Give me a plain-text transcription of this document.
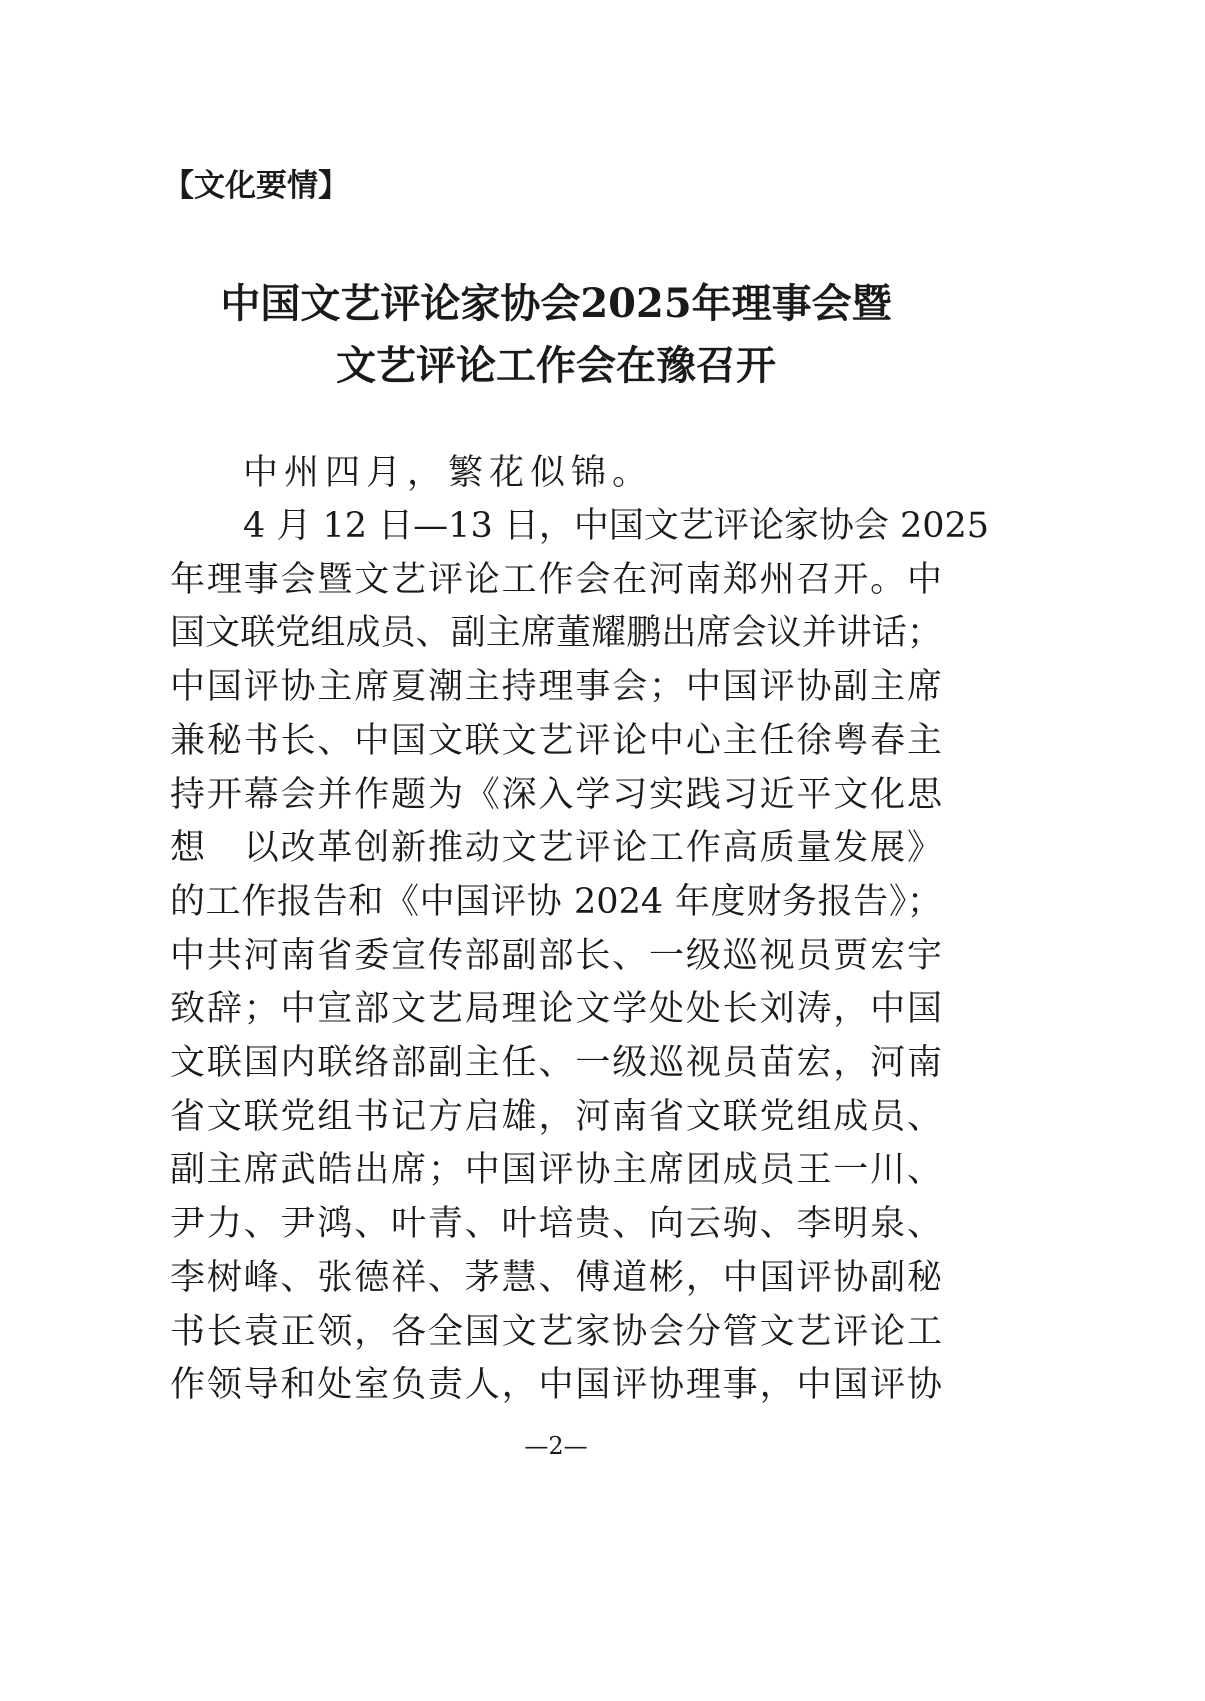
【文化要情】
中国文艺评论家协会2025年理事会暨
文艺评论工作会在豫召开
中州四月，繁花似锦。
4 月 12 日—13 日，中国文艺评论家协会 2025
年理事会暨文艺评论工作会在河南郑州召开。中
国文联党组成员、副主席董耀鹏出席会议并讲话；
中国评协主席夏潮主持理事会；中国评协副主席
兼秘书长、中国文联文艺评论中心主任徐粤春主
持开幕会并作题为《深入学习实践习近平文化思
想　以改革创新推动文艺评论工作高质量发展》
的工作报告和《中国评协 2024 年度财务报告》；
中共河南省委宣传部副部长、一级巡视员贾宏宇
致辞；中宣部文艺局理论文学处处长刘涛，中国
文联国内联络部副主任、一级巡视员苗宏，河南
省文联党组书记方启雄，河南省文联党组成员、
副主席武皓出席；中国评协主席团成员王一川、
尹力、尹鸿、叶青、叶培贵、向云驹、李明泉、
李树峰、张德祥、茅慧、傅道彬，中国评协副秘
书长袁正领，各全国文艺家协会分管文艺评论工
作领导和处室负责人，中国评协理事，中国评协
—2—
